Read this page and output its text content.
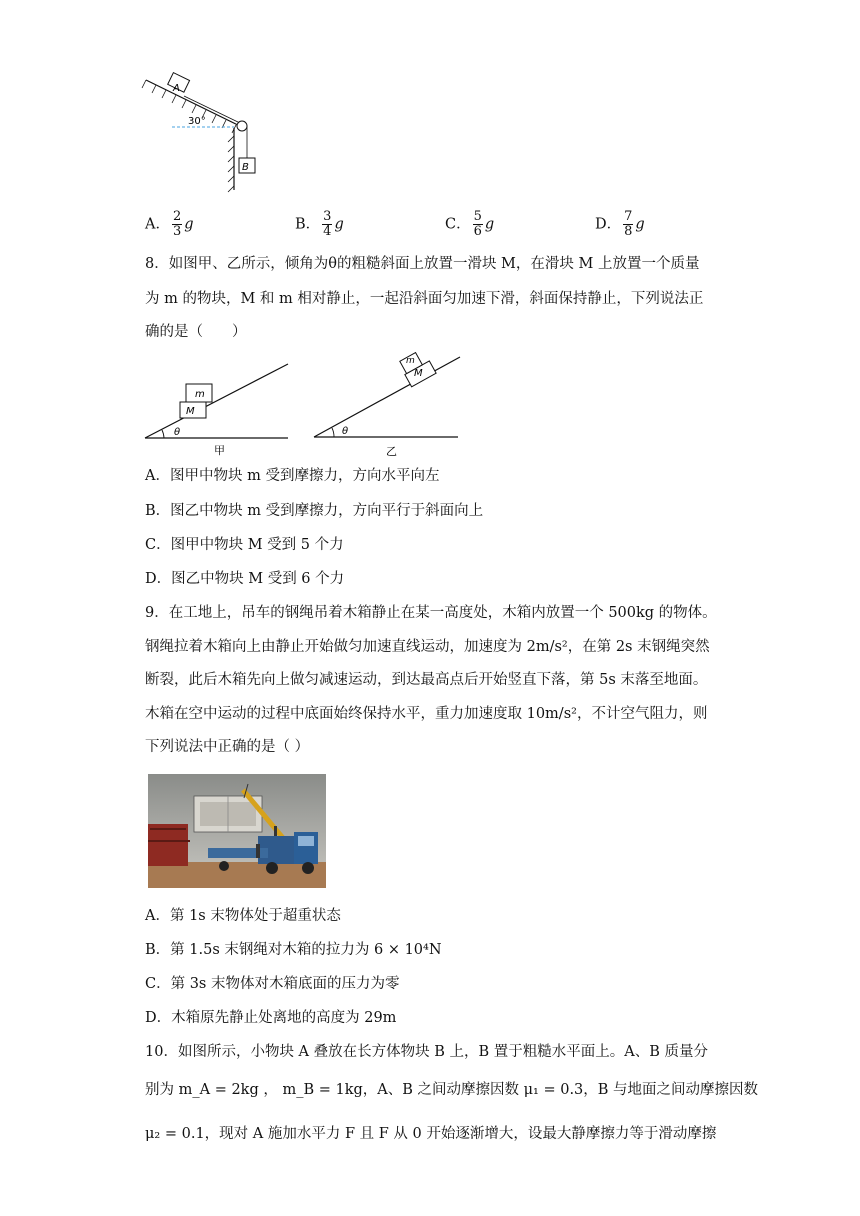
A
B
30°
A． $\frac{2}{3}$ g	B． $\frac{3}{4}$ g	C． $\frac{5}{6}$ g	D． $\frac{7}{8}$ g
8．如图甲、乙所示，倾角为θ的粗糙斜面上放置一滑块 M，在滑块 M 上放置一个质量
为 m 的物块，M 和 m 相对静止，一起沿斜面匀加速下滑，斜面保持静止，下列说法正
确的是（　　）
θ
M
m
甲
θ
M
m
乙
A．图甲中物块 m 受到摩擦力，方向水平向左
B．图乙中物块 m 受到摩擦力，方向平行于斜面向上
C．图甲中物块 M 受到 5 个力
D．图乙中物块 M 受到 6 个力
9．在工地上，吊车的钢绳吊着木箱静止在某一高度处，木箱内放置一个 500kg 的物体。
钢绳拉着木箱向上由静止开始做匀加速直线运动，加速度为 2m/s²，在第 2s 末钢绳突然
断裂，此后木箱先向上做匀减速运动，到达最高点后开始竖直下落，第 5s 末落至地面。
木箱在空中运动的过程中底面始终保持水平，重力加速度取 10m/s²，不计空气阻力，则
下列说法中正确的是（ ）
A．第 1s 末物体处于超重状态
B．第 1.5s 末钢绳对木箱的拉力为 6 × 10⁴N
C．第 3s 末物体对木箱底面的压力为零
D．木箱原先静止处离地的高度为 29m
10．如图所示，小物块 A 叠放在长方体物块 B 上，B 置于粗糙水平面上。A、B 质量分
别为 m_A = 2kg ， m_B = 1kg，A、B 之间动摩擦因数 μ₁ = 0.3，B 与地面之间动摩擦因数
μ₂ = 0.1，现对 A 施加水平力 F 且 F 从 0 开始逐渐增大，设最大静摩擦力等于滑动摩擦
